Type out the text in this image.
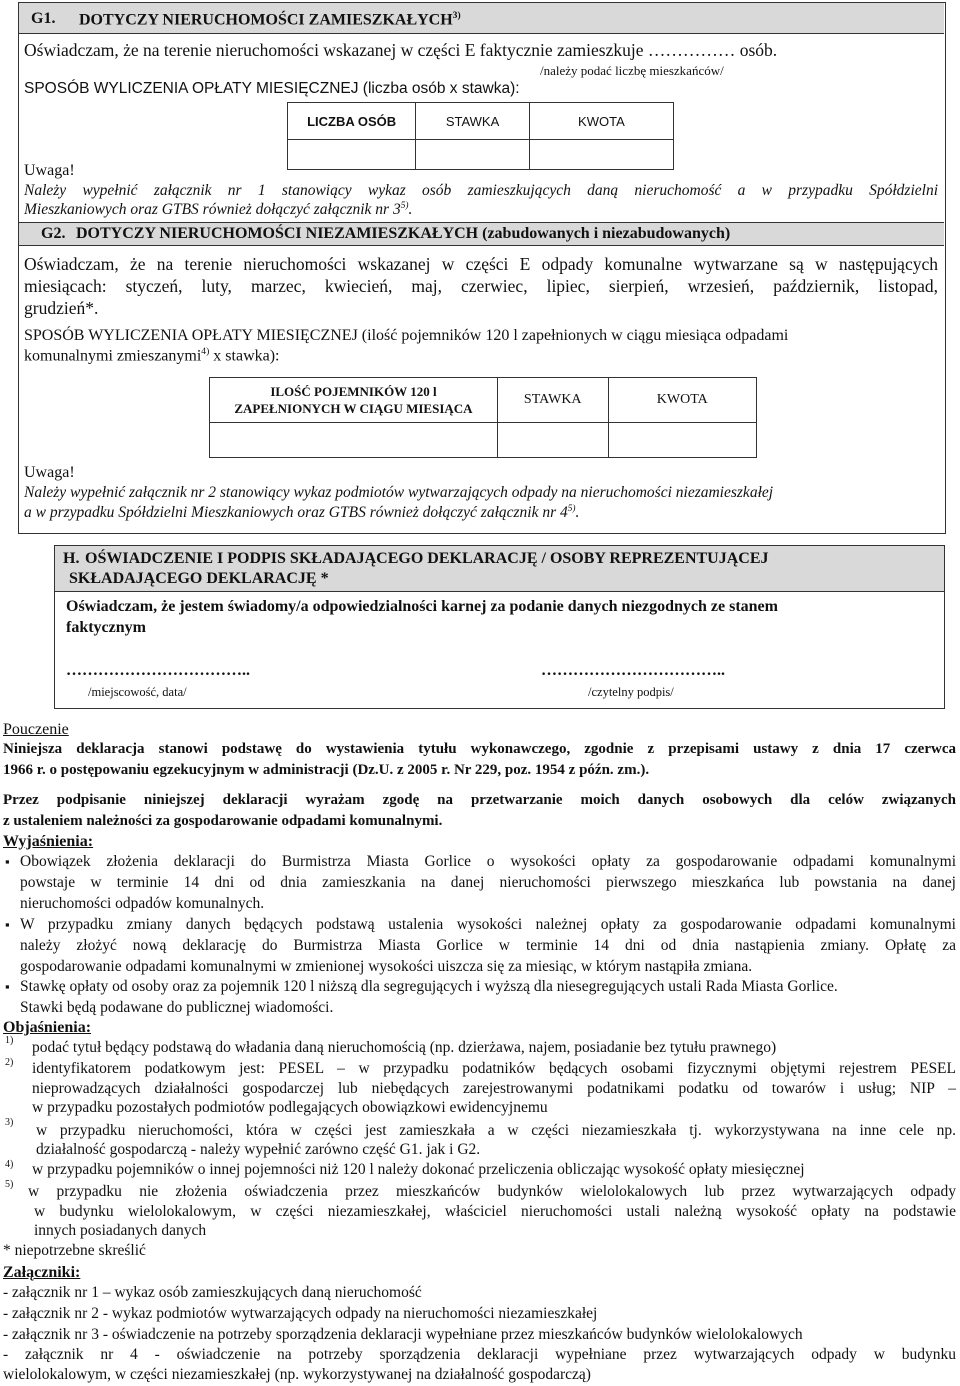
G1. DOTYCZY NIERUCHOMOŚCI ZAMIESZKAŁYCH$^{3)}$
Oświadczam, że na terenie nieruchomości wskazanej w części E faktycznie zamieszkuje …………… osób.
/należy podać liczbę mieszkańców/
SPOSÓB WYLICZENIA OPŁATY MIESIĘCZNEJ (liczba osób x stawka):
LICZBA OSÓB	STAWKA	KWOTA

Uwaga!
Należy wypełnić załącznik nr 1 stanowiący wykaz osób zamieszkujących daną nieruchomość a w przypadku Spółdzielni
Mieszkaniowych oraz GTBS również dołączyć załącznik nr 3$^{5)}$.
G2. DOTYCZY NIERUCHOMOŚCI NIEZAMIESZKAŁYCH (zabudowanych i niezabudowanych)
Oświadczam, że na terenie nieruchomości wskazanej w części E odpady komunalne wytwarzane są w następujących
miesiącach: styczeń, luty, marzec, kwiecień, maj, czerwiec, lipiec, sierpień, wrzesień, październik, listopad,
grudzień*.
SPOSÓB WYLICZENIA OPŁATY MIESIĘCZNEJ (ilość pojemników 120 l zapełnionych w ciągu miesiąca odpadami
komunalnymi zmieszanymi$^{4)}$ x stawka):
ILOŚĆ POJEMNIKÓW 120 l
ZAPEŁNIONYCH W CIĄGU MIESIĄCA	STAWKA	KWOTA

Uwaga!
Należy wypełnić załącznik nr 2 stanowiący wykaz podmiotów wytwarzających odpady na nieruchomości niezamieszkałej
a w przypadku Spółdzielni Mieszkaniowych oraz GTBS również dołączyć załącznik nr 4$^{5)}$.
H. OŚWIADCZENIE I PODPIS SKŁADAJĄCEGO DEKLARACJĘ / OSOBY REPREZENTUJĄCEJ
SKŁADAJĄCEGO DEKLARACJĘ *
Oświadczam, że jestem świadomy/a odpowiedzialności karnej za podanie danych niezgodnych ze stanem
faktycznym
……………………………..
/miejscowość, data/
……………………………..
/czytelny podpis/
Pouczenie
Niniejsza deklaracja stanowi podstawę do wystawienia tytułu wykonawczego, zgodnie z przepisami ustawy z dnia 17 czerwca
1966 r. o postępowaniu egzekucyjnym w administracji (Dz.U. z 2005 r. Nr 229, poz. 1954 z późn. zm.).
Przez podpisanie niniejszej deklaracji wyrażam zgodę na przetwarzanie moich danych osobowych dla celów związanych
z ustaleniem należności za gospodarowanie odpadami komunalnymi.
Wyjaśnienia:
▪ Obowiązek złożenia deklaracji do Burmistrza Miasta Gorlice o wysokości opłaty za gospodarowanie odpadami komunalnymi
powstaje w terminie 14 dni od dnia zamieszkania na danej nieruchomości pierwszego mieszkańca lub powstania na danej
nieruchomości odpadów komunalnych.
▪ W przypadku zmiany danych będących podstawą ustalenia wysokości należnej opłaty za gospodarowanie odpadami komunalnymi
należy złożyć nową deklarację do Burmistrza Miasta Gorlice w terminie 14 dni od dnia nastąpienia zmiany. Opłatę za
gospodarowanie odpadami komunalnymi w zmienionej wysokości uiszcza się za miesiąc, w którym nastąpiła zmiana.
▪ Stawkę opłaty od osoby oraz za pojemnik 120 l niższą dla segregujących i wyższą dla niesegregujących ustali Rada Miasta Gorlice.
Stawki będą podawane do publicznej wiadomości.
Objaśnienia:
1) podać tytuł będący podstawą do władania daną nieruchomością (np. dzierżawa, najem, posiadanie bez tytułu prawnego)
2) identyfikatorem podatkowym jest: PESEL – w przypadku podatników będących osobami fizycznymi objętymi rejestrem PESEL
nieprowadzących działalności gospodarczej lub niebędących zarejestrowanymi podatnikami podatku od towarów i usług; NIP –
w przypadku pozostałych podmiotów podlegających obowiązkowi ewidencyjnemu
3) w przypadku nieruchomości, która w części jest zamieszkała a w części niezamieszkała tj. wykorzystywana na inne cele np.
działalność gospodarczą - należy wypełnić zarówno część G1. jak i G2.
4) w przypadku pojemników o innej pojemności niż 120 l należy dokonać przeliczenia obliczając wysokość opłaty miesięcznej
5) w przypadku nie złożenia oświadczenia przez mieszkańców budynków wielolokalowych lub przez wytwarzających odpady
w budynku wielolokalowym, w części niezamieszkałej, właściciel nieruchomości ustali należną wysokość opłaty na podstawie
innych posiadanych danych
* niepotrzebne skreślić
Załączniki:
- załącznik nr 1 – wykaz osób zamieszkujących daną nieruchomość
- załącznik nr 2 - wykaz podmiotów wytwarzających odpady na nieruchomości niezamieszkałej
- załącznik nr 3 - oświadczenie na potrzeby sporządzenia deklaracji wypełniane przez mieszkańców budynków wielolokalowych
- załącznik nr 4 - oświadczenie na potrzeby sporządzenia deklaracji wypełniane przez wytwarzających odpady w budynku
wielolokalowym, w części niezamieszkałej (np. wykorzystywanej na działalność gospodarczą)
